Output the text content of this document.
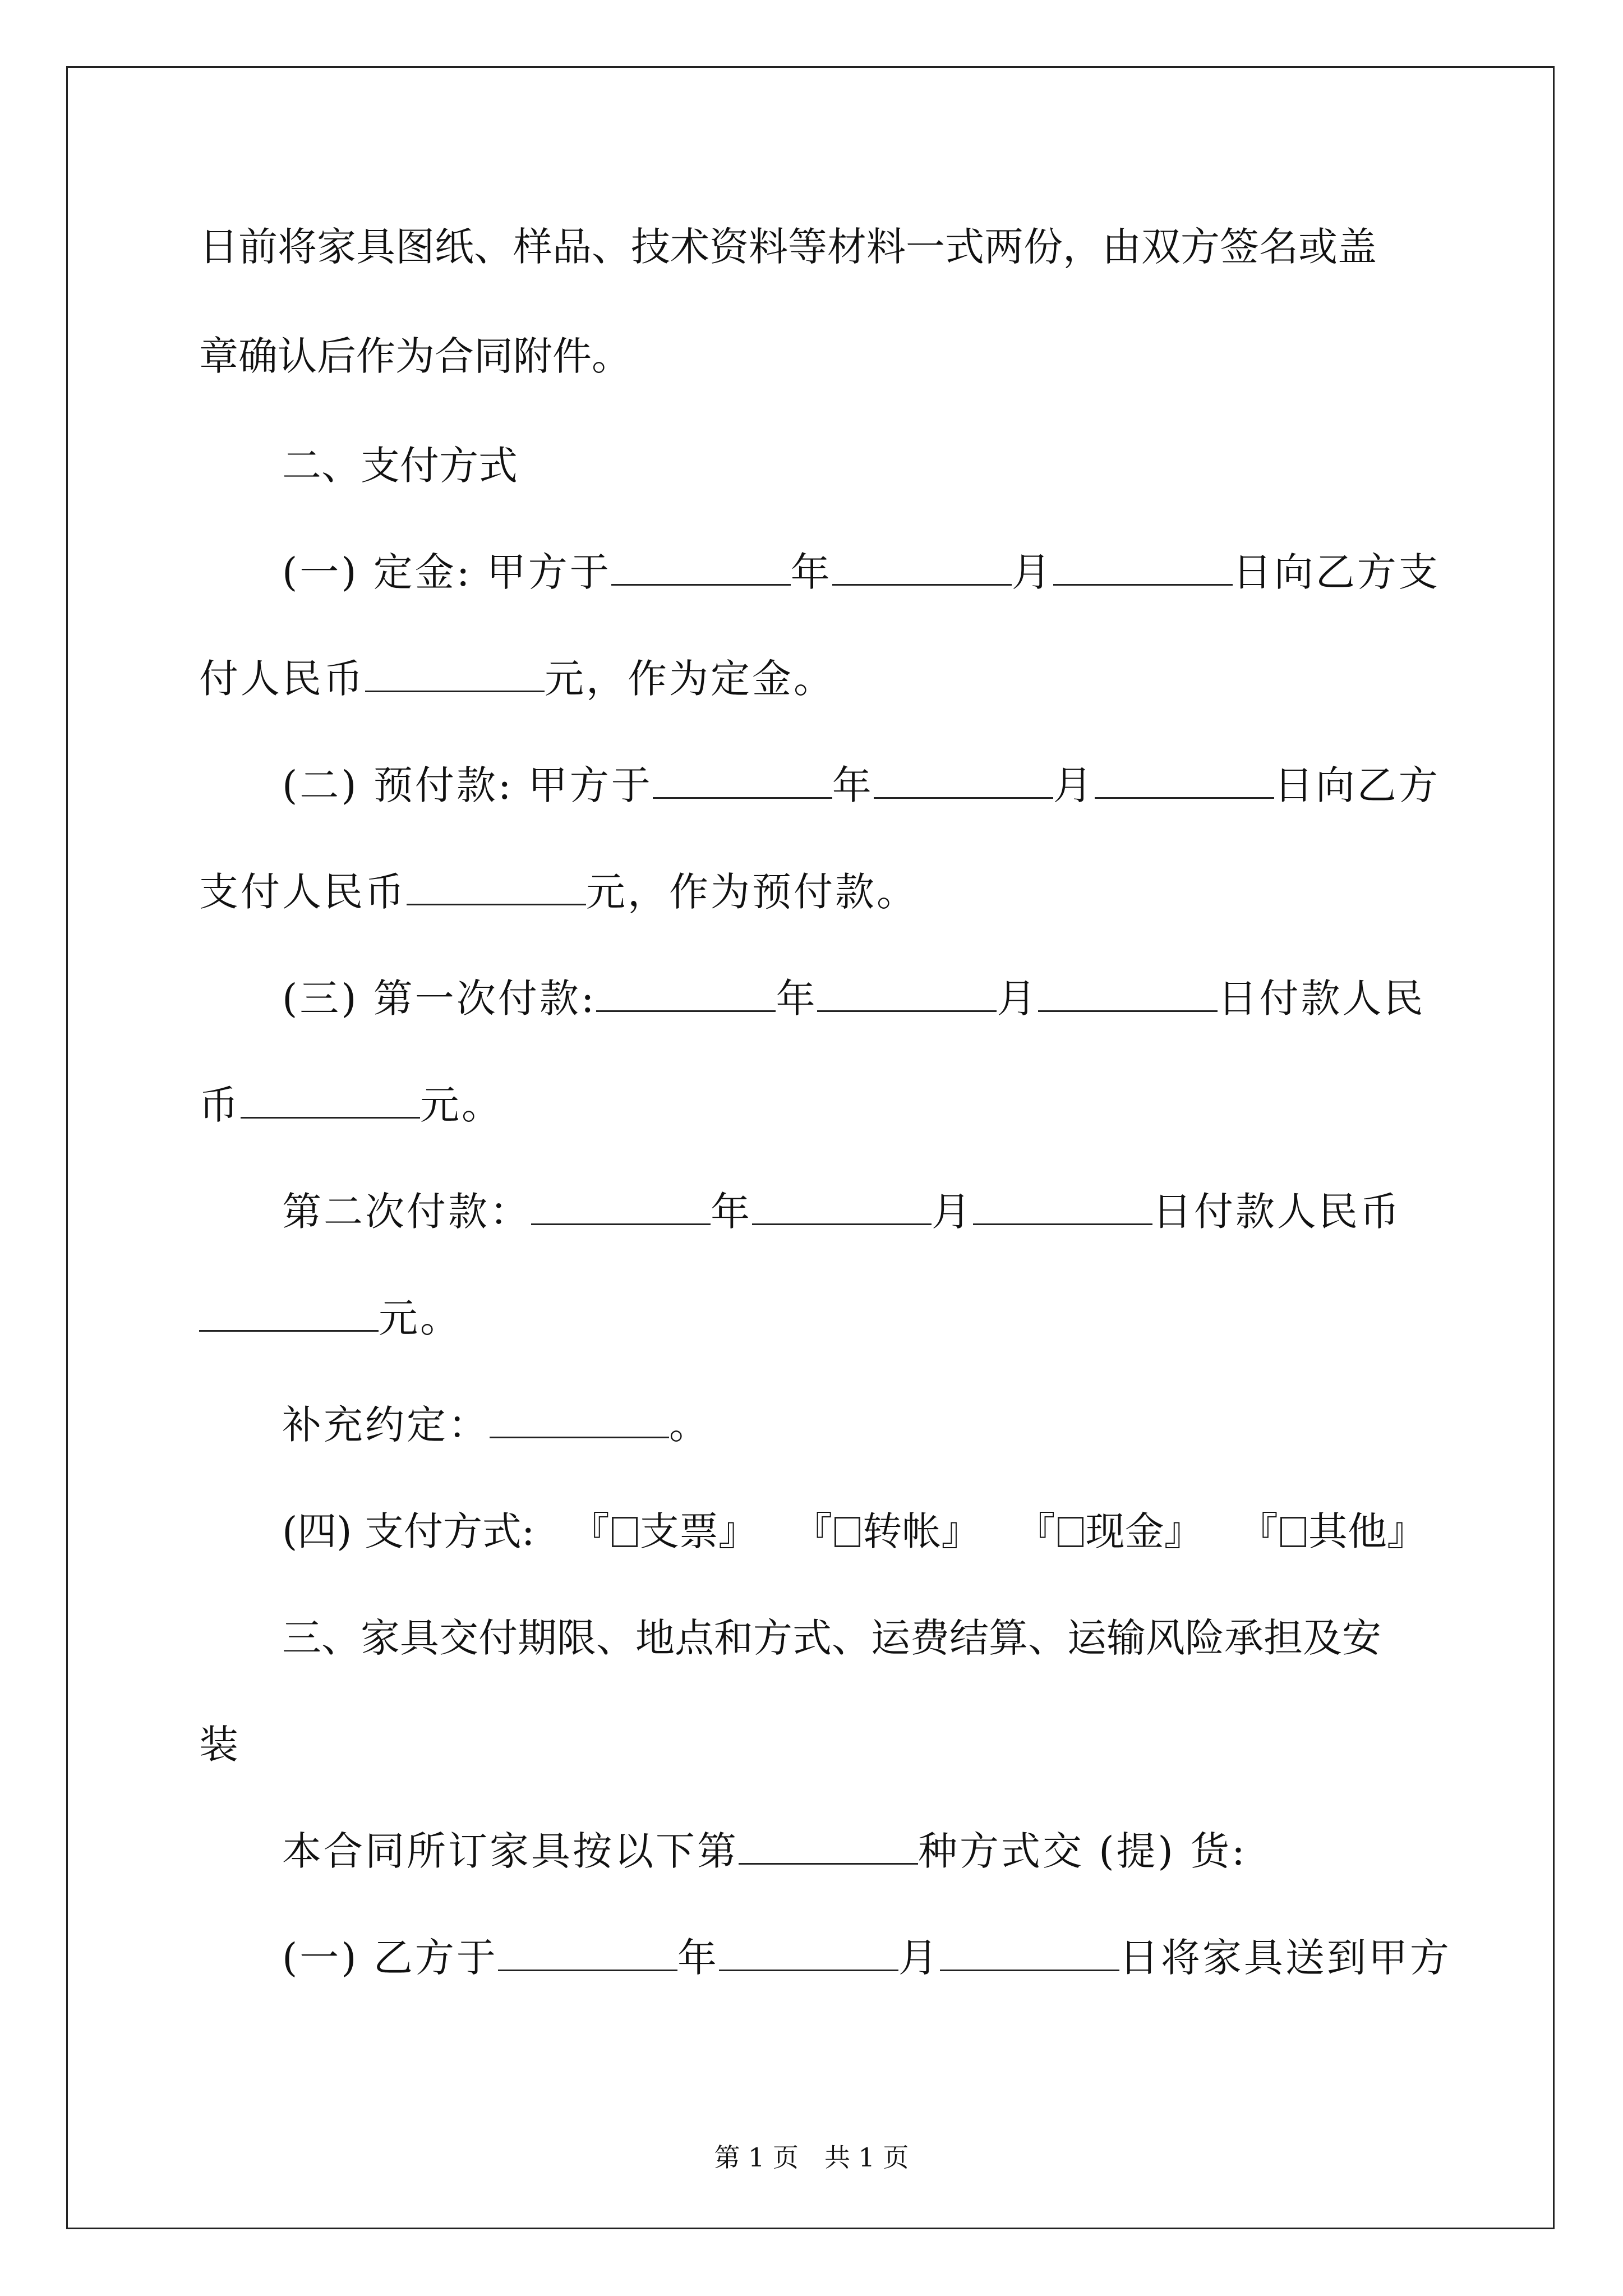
日前将家具图纸、样品、技术资料等材料一式两份，由双方签名或盖
章确认后作为合同附件。
二、支付方式
(一) 定金: 甲方于	年	月	日向乙方支
付人民币	元，作为定金。
(二) 预付款: 甲方于	年	月	日向乙方
支付人民币	元，作为预付款。
(三) 第一次付款:	年	月	日付款人民
币	元。
第二次付款：	年	月	日付款人民币
元。
补充约定：	。
(四) 支付方式: 『 支票』 『 转帐』 『 现金』 『 其他』
三、家具交付期限、地点和方式、运费结算、运输风险承担及安
装
本合同所订家具按以下第	种方式交 (提) 货:
(一) 乙方于	年	月	日将家具送到甲方
第 1 页　共 1 页
